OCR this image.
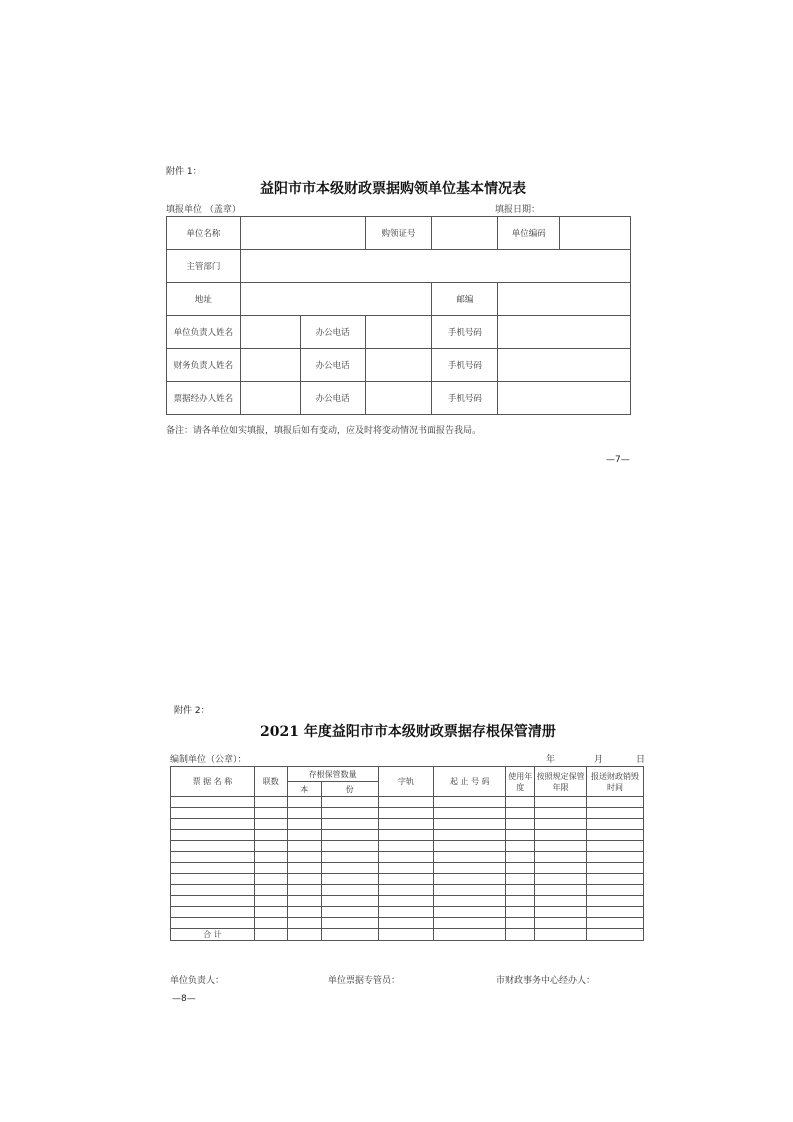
附件 1：
益阳市市本级财政票据购领单位基本情况表
填报单位 （盖章）	填报日期：
单位名称			购领证号		单位编码	
主管部门						
地址				邮编		
单位负责人姓名		办公电话		手机号码		
财务负责人姓名		办公电话		手机号码		
票据经办人姓名		办公电话		手机号码		
备注：请各单位如实填报，填报后如有变动，应及时将变动情况书面报告我局。
—7—
附件 2：
2021 年度益阳市市本级财政票据存根保管清册
编制单位（公章）：	年	月	日
票 据 名 称	联数	存根保管数量		字轨	起 止 号 码	使用年度	按照规定保管年限	报送财政销毁时间
		本	份					

合 计								
单位负责人：	单位票据专管员：	市财政事务中心经办人：
—8—
